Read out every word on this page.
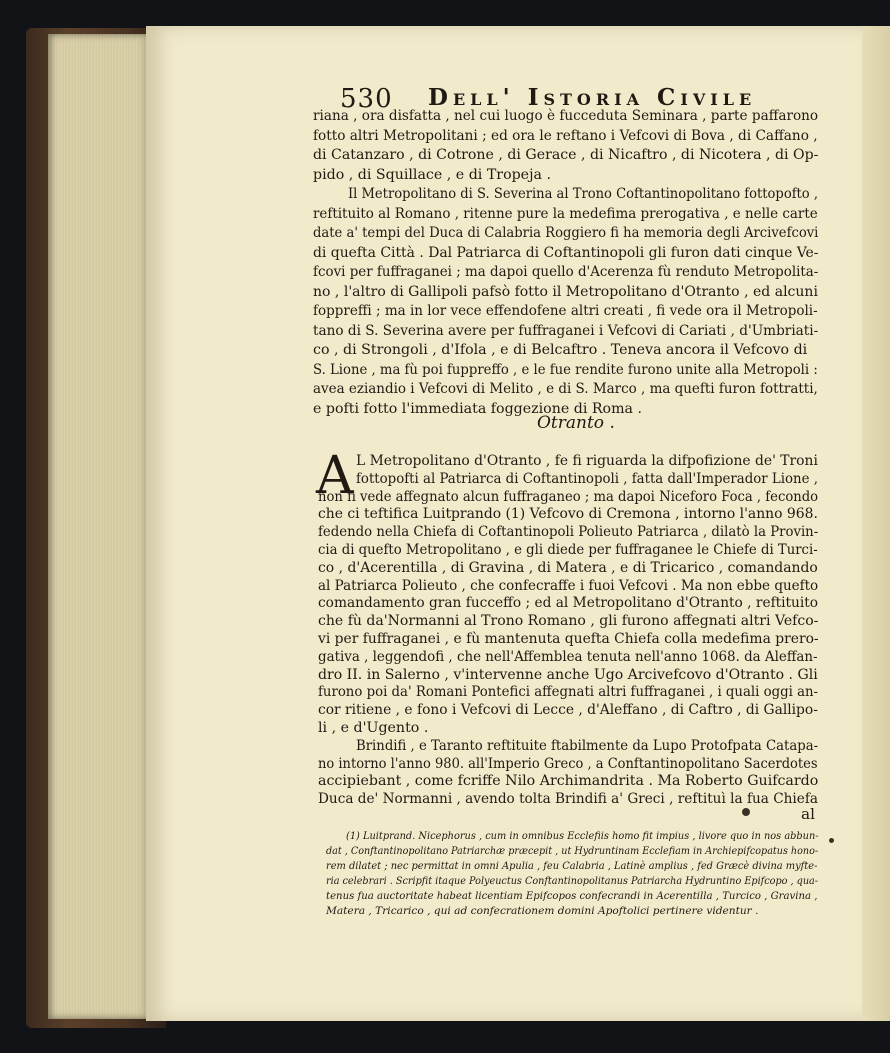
530 Dell' Istoria Civile
riana , ora disfatta , nel cui luogo è fucceduta Seminara , parte paffarono
fotto altri Metropolitani ; ed ora le reftano i Vefcovi di Bova , di Caffano ,
di Catanzaro , di Cotrone , di Gerace , di Nicaftro , di Nicotera , di Op-
pido , di Squillace , e di Tropeja .
Il Metropolitano di S. Severina al Trono Coftantinopolitano fottopofto ,
reftituito al Romano , ritenne pure la medefima prerogativa , e nelle carte
date a' tempi del Duca di Calabria Roggiero fi ha memoria degli Arcivefcovi
di quefta Città . Dal Patriarca di Coftantinopoli gli furon dati cinque Ve-
fcovi per fuffraganei ; ma dapoi quello d'Acerenza fù renduto Metropolita-
no , l'altro di Gallipoli pafsò fotto il Metropolitano d'Otranto , ed alcuni
foppreffi ; ma in lor vece effendofene altri creati , fi vede ora il Metropoli-
tano di S. Severina avere per fuffraganei i Vefcovi di Cariati , d'Umbriati-
co , di Strongoli , d'Ifola , e di Belcaftro . Teneva ancora il Vefcovo di
S. Lione , ma fù poi fuppreffo , e le fue rendite furono unite alla Metropoli :
Otranto .
A L Metropolitano d'Otranto , fe fi riguarda la difpofizione de' Troni
fottopofti al Patriarca di Coftantinopoli , fatta dall'Imperador Lione ,
non fi vede affegnato alcun fuffraganeo ; ma dapoi Niceforo Foca , fecondo
che ci teftifica Luitprando (1) Vefcovo di Cremona , intorno l'anno 968.
fedendo nella Chiefa di Coftantinopoli Polieuto Patriarca , dilatò la Provin-
cia di quefto Metropolitano , e gli diede per fuffraganee le Chiefe di Turci-
co , d'Acerentilla , di Gravina , di Matera , e di Tricarico , comandando
al Patriarca Polieuto , che confecraffe i fuoi Vefcovi . Ma non ebbe quefto
comandamento gran fucceffo ; ed al Metropolitano d'Otranto , reftituito
che fù da'Normanni al Trono Romano , gli furono affegnati altri Vefco-
vi per fuffraganei , e fù mantenuta quefta Chiefa colla medefima prero-
gativa , leggendofi , che nell'Affemblea tenuta nell'anno 1068. da Aleffan-
dro II. in Salerno , v'intervenne anche Ugo Arcivefcovo d'Otranto . Gli
furono poi da' Romani Pontefici affegnati altri fuffraganei , i quali oggi an-
cor ritiene , e fono i Vefcovi di Lecce , d'Aleffano , di Caftro , di Gallipo-
li , e d'Ugento .
Brindifi , e Taranto reftituite ftabilmente da Lupo Protofpata Catapa-
al
(1) Luitprand. Nicephorus , cum in omnibus Ecclefiis homo fit impius , livore quo in nos abbun-
dat , Conftantinopolitano Patriarchæ præcepit , ut Hydruntinam Ecclefiam in Archiepifcopatus hono-
rem dilatet ; nec permittat in omni Apulia , feu Calabria , Latinè amplius , fed Græcè divina myfte-
ria celebrari . Scripfit itaque Polyeuctus Conftantinopolitanus Patriarcha Hydruntino Epifcopo , qua-
tenus fua auctoritate habeat licentiam Epifcopos confecrandi in Acerentilla , Turcico , Gravina ,
Matera , Tricarico , qui ad confecrationem domini Apoftolici pertinere videntur .
avea eziandio i Vefcovi di Melito , e di S. Marco , ma quefti furon fottratti,
e pofti fotto l'immediata foggezione di Roma .
no intorno l'anno 980. all'Imperio Greco , a Conftantinopolitano Sacerdotes
accipiebant , come fcriffe Nilo Archimandrita . Ma Roberto Guifcardo
Duca de' Normanni , avendo tolta Brindifi a' Greci , reftituì la fua Chiefa
